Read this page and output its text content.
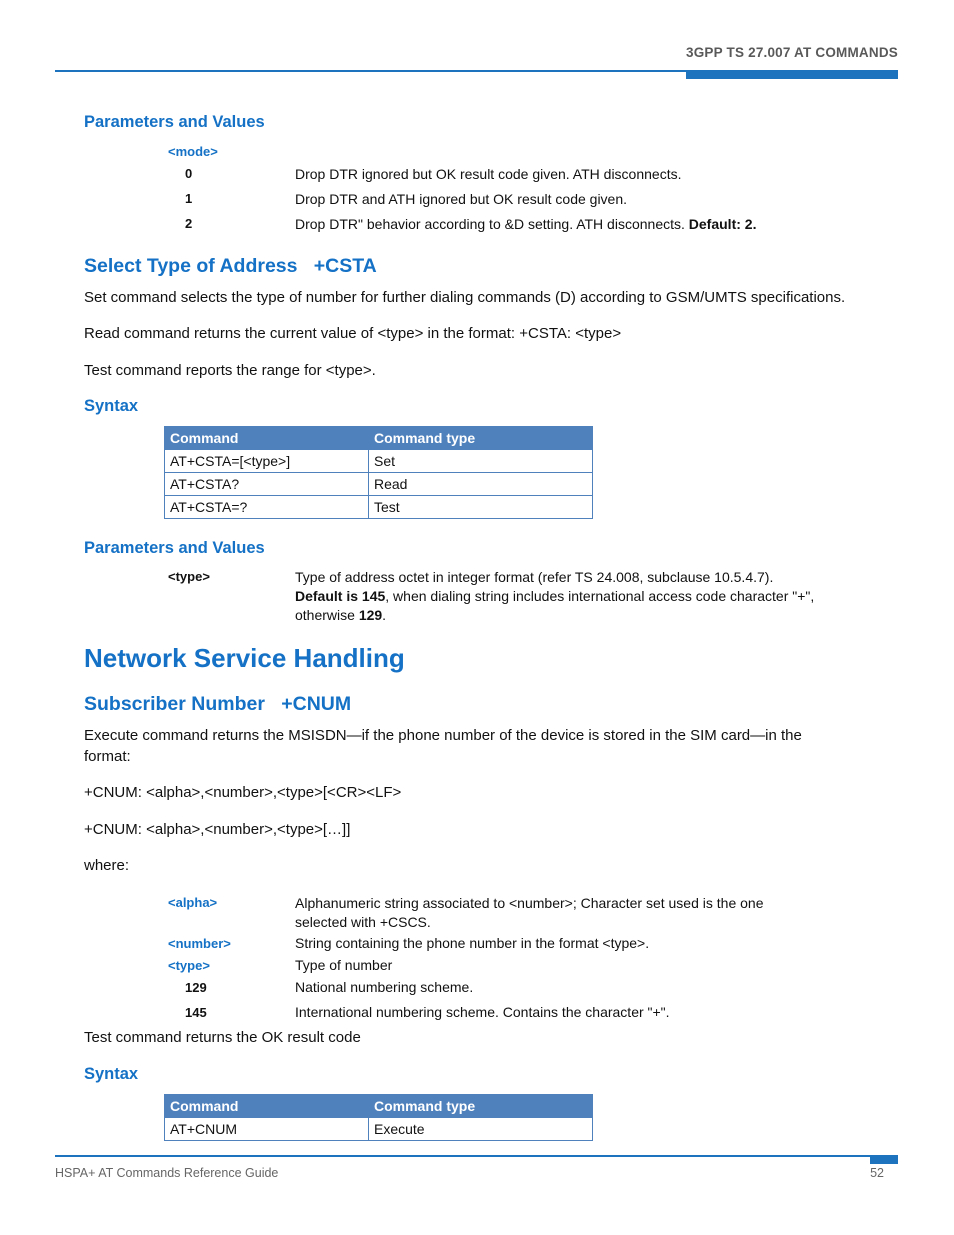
3GPP TS 27.007 AT COMMANDS
Parameters and Values
<mode>
0	Drop DTR ignored but OK result code given. ATH disconnects.
1	Drop DTR and ATH ignored but OK result code given.
2	Drop DTR" behavior according to &D setting. ATH disconnects. Default: 2.
Select Type of Address   +CSTA
Set command selects the type of number for further dialing commands (D) according to GSM/UMTS specifications.
Read command returns the current value of <type> in the format: +CSTA: <type>
Test command reports the range for <type>.
Syntax
Command	Command type
AT+CSTA=[<type>]	Set
AT+CSTA?	Read
AT+CSTA=?	Test
Parameters and Values
<type>	Type of address octet in integer format (refer TS 24.008, subclause 10.5.4.7).
Default is 145, when dialing string includes international access code character "+",
otherwise 129.
Network Service Handling
Subscriber Number   +CNUM
Execute command returns the MSISDN—if the phone number of the device is stored in the SIM card—in the
format:
+CNUM: <alpha>,<number>,<type>[<CR><LF>
+CNUM: <alpha>,<number>,<type>[…]]
where:
<alpha>	Alphanumeric string associated to <number>; Character set used is the one
selected with +CSCS.
<number>	String containing the phone number in the format <type>.
<type>	Type of number
129	National numbering scheme.
145	International numbering scheme. Contains the character "+".
Test command returns the OK result code
Syntax
Command	Command type
AT+CNUM	Execute
HSPA+ AT Commands Reference Guide	52
